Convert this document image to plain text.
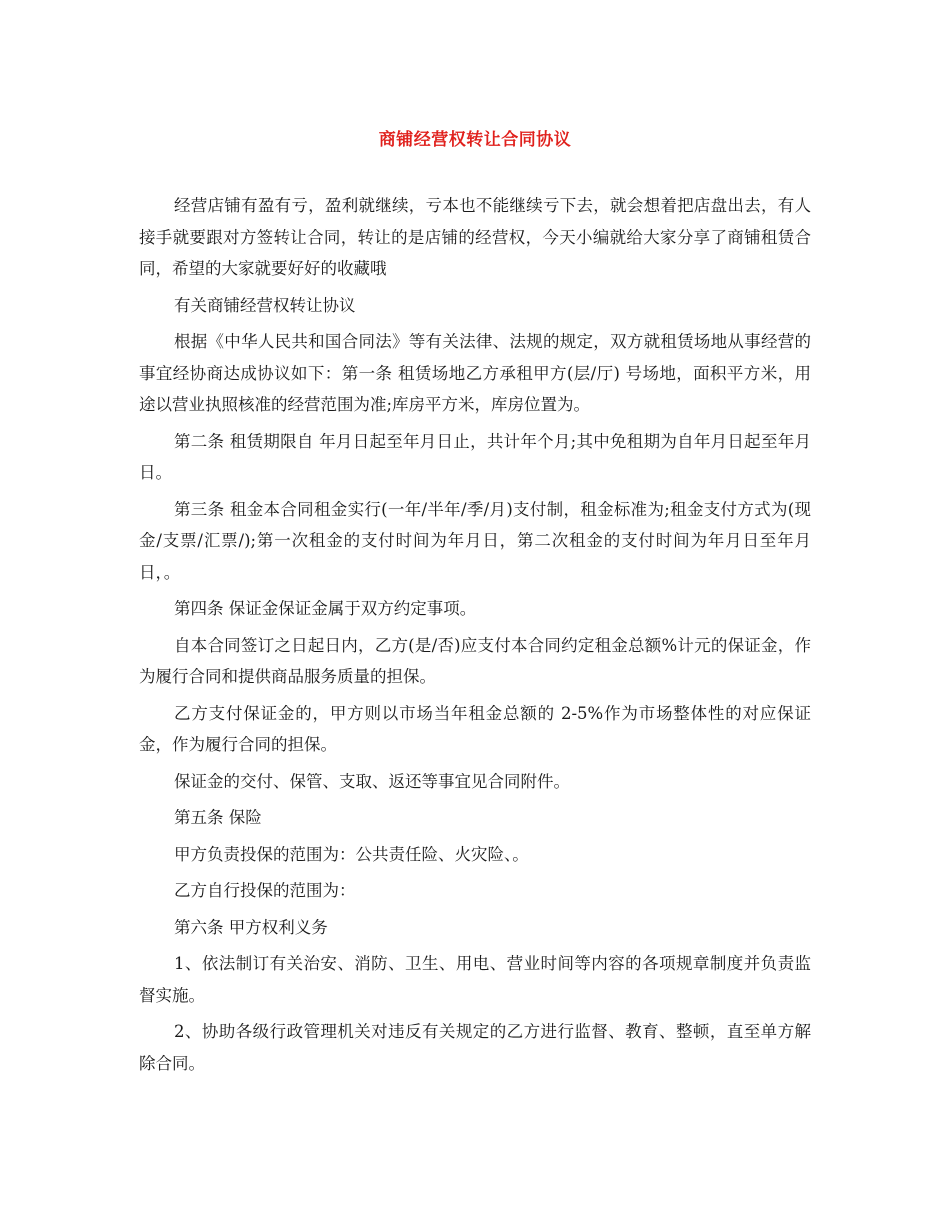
商铺经营权转让合同协议

经营店铺有盈有亏，盈利就继续，亏本也不能继续亏下去，就会想着把店盘出去，有人接手就要跟对方签转让合同，转让的是店铺的经营权，今天小编就给大家分享了商铺租赁合同，希望的大家就要好好的收藏哦

有关商铺经营权转让协议

根据《中华人民共和国合同法》等有关法律、法规的规定，双方就租赁场地从事经营的事宜经协商达成协议如下：第一条 租赁场地乙方承租甲方(层/厅) 号场地，面积平方米，用途以营业执照核准的经营范围为准;库房平方米，库房位置为。

第二条 租赁期限自 年月日起至年月日止，共计年个月;其中免租期为自年月日起至年月日。

第三条 租金本合同租金实行(一年/半年/季/月)支付制，租金标准为;租金支付方式为(现金/支票/汇票/);第一次租金的支付时间为年月日，第二次租金的支付时间为年月日至年月日，。

第四条 保证金保证金属于双方约定事项。

自本合同签订之日起日内，乙方(是/否)应支付本合同约定租金总额%计元的保证金，作为履行合同和提供商品服务质量的担保。

乙方支付保证金的，甲方则以市场当年租金总额的 2-5%作为市场整体性的对应保证金，作为履行合同的担保。

保证金的交付、保管、支取、返还等事宜见合同附件。

第五条 保险

甲方负责投保的范围为：公共责任险、火灾险、。

乙方自行投保的范围为：

第六条 甲方权利义务

1、依法制订有关治安、消防、卫生、用电、营业时间等内容的各项规章制度并负责监督实施。

2、协助各级行政管理机关对违反有关规定的乙方进行监督、教育、整顿，直至单方解除合同。
